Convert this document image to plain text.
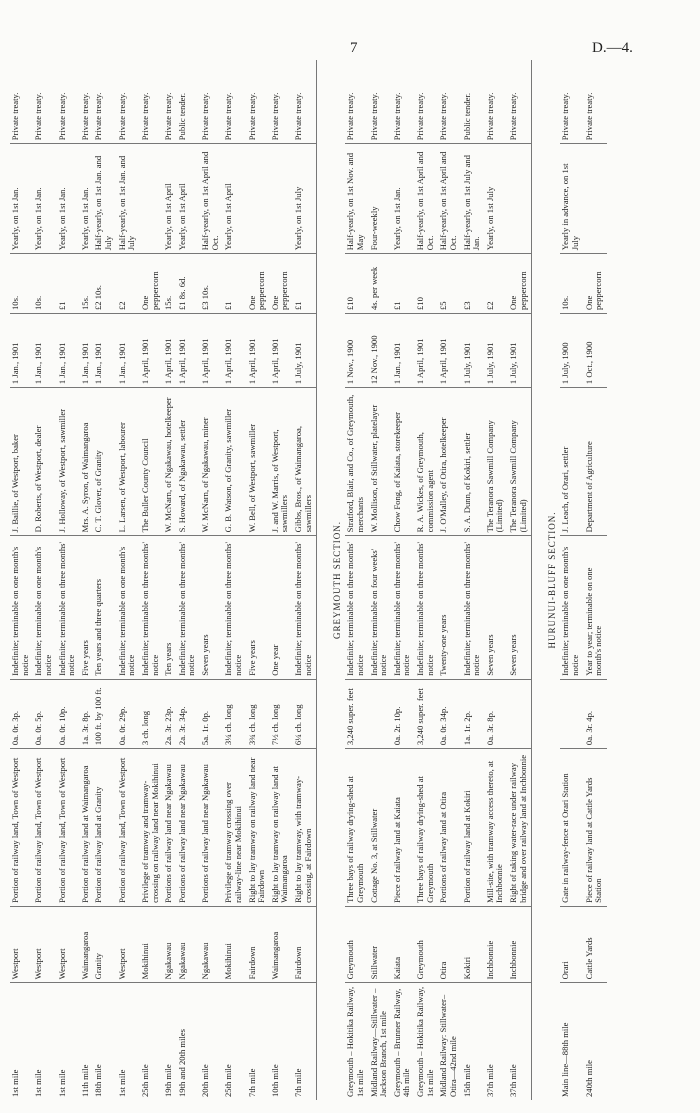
7	D.—4.
1st mile	Westport	Portion of railway land, Town of Westport	0a. 0r. 3p.	Indefinite; terminable on one month's notice	J. Baillie, of Westport, baker	1 Jan., 1901	10s.	Yearly, on 1st Jan.	Private treaty.
1st mile	Westport	Portion of railway land, Town of Westport	0a. 0r. 5p.	Indefinite; terminable on one month's notice	D. Roberts, of Westport, dealer	1 Jan., 1901	10s.	Yearly, on 1st Jan.	Private treaty.
1st mile	Westport	Portion of railway land, Town of Westport	0a. 0r. 10p.	Indefinite; terminable on three months' notice	J. Holloway, of Westport, sawmiller	1 Jan., 1901	£1	Yearly, on 1st Jan.	Private treaty.
11th mile	Waimangaroa	Portion of railway land at Waimangaroa	1a. 3r. 8p.	Five years	Mrs. A. Syron, of Waimangaroa	1 Jan., 1901	15s.	Yearly, on 1st Jan.	Private treaty.
18th mile	Granity	Portion of railway land at Granity	100 ft. by 100 ft.	Ten years and three quarters	C. T. Glover, of Granity	1 Jan., 1901	£2 10s.	Half-yearly, on 1st Jan. and July	Private treaty.
1st mile	Westport	Portion of railway land, Town of Westport	0a. 0r. 29p.	Indefinite; terminable on one month's notice	L. Larsen, of Westport, labourer	1 Jan., 1901	£2	Half-yearly, on 1st Jan. and July	Private treaty.
25th mile	Mokihinui	Privilege of tramway and tramway-crossing on railway land near Mokihinui	3 ch. long	Indefinite; terminable on three months' notice	The Buller County Council	1 April, 1901	One peppercorn		Private treaty.
19th mile	Ngakawau	Portions of railway land near Ngakawau	2a. 3r. 23p.	Ten years	W. McNarn, of Ngakawau, hotelkeeper	1 April, 1901	15s.	Yearly, on 1st April	Private treaty.
19th and 20th miles	Ngakawau	Portions of railway land near Ngakawau	2a. 3r. 34p.	Indefinite; terminable on three months' notice	S. Howard, of Ngakawau, settler	1 April, 1901	£1 8s. 6d.	Yearly, on 1st April	Public tender.
20th mile	Ngakawau	Portions of railway land near Ngakawau	5a. 1r. 0p.	Seven years	W. McNarn, of Ngakawau, miner	1 April, 1901	£3 10s.	Half-yearly, on 1st April and Oct.	Private treaty.
25th mile	Mokihinui	Privilege of tramway crossing over railway-line near Mokihinui	3¼ ch. long	Indefinite; terminable on three months' notice	G. B. Watson, of Granity, sawmiller	1 April, 1901	£1	Yearly, on 1st April	Private treaty.
7th mile	Fairdown	Right to lay tramway on railway land near Fairdown	3¾ ch. long	Five years	W. Bell, of Westport, sawmiller	1 April, 1901	One peppercorn		Private treaty.
10th mile	Waimangaroa	Right to lay tramway on railway land at Waimangaroa	7½ ch. long	One year	J. and W. Marris, of Westport, sawmillers	1 April, 1901	One peppercorn		Private treaty.
7th mile	Fairdown	Right to lay tramway, with tramway-crossing, at Fairdown	6¼ ch. long	Indefinite; terminable on three months' notice	Gibbs, Bros., of Waimangaroa, sawmillers	1 July, 1901	£1	Yearly, on 1st July	Private treaty.

GREYMOUTH SECTION.									
Greymouth – Hokitika Railway, 1st mile	Greymouth	Three bays of railway drying-shed at Greymouth	3,240 super. feet	Indefinite; terminable on three months' notice	Stratford, Blair, and Co., of Greymouth, merchants	1 Nov., 1900	£10	Half-yearly, on 1st Nov. and May	Private treaty.
Midland Railway—Stillwater – Jackson Branch, 1st mile	Stillwater	Cottage No. 3, at Stillwater		Indefinite; terminable on four weeks' notice	W. Mollison, of Stillwater, platelayer	12 Nov., 1900	4s. per week	Four-weekly	Private treaty.
Greymouth – Brunner Railway, 4th mile	Kaiata	Piece of railway land at Kaiata	0a. 2r. 10p.	Indefinite; terminable on three months' notice	Chow Fong, of Kaiata, storekeeper	1 Jan., 1901	£1	Yearly, on 1st Jan.	Private treaty.
Greymouth – Hokitika Railway, 1st mile	Greymouth	Three bays of railway drying-shed at Greymouth	3,240 super. feet	Indefinite; terminable on three months' notice	R. A. Wickes, of Greymouth, commission agent	1 April, 1901	£10	Half-yearly, on 1st April and Oct.	Private treaty.
Midland Railway: Stillwater–Otira—42nd mile	Otira	Portions of railway land at Otira	0a. 0r. 34p.	Twenty-one years	J. O'Malley, of Otira, hotelkeeper	1 April, 1901	£5	Half-yearly, on 1st April and Oct.	Private treaty.
15th mile	Kokiri	Portion of railway land at Kokiri	1a. 1r. 2p.	Indefinite; terminable on three months' notice	S. A. Dunn, of Kokiri, settler	1 July, 1901	£3	Half-yearly, on 1st July and Jan.	Public tender.
37th mile	Inchbonnie	Mill-site, with tramway access thereto, at Inchbonnie	0a. 3r. 8p.	Seven years	The Teranora Sawmill Company (Limited)	1 July, 1901	£2	Yearly, on 1st July	Private treaty.
37th mile	Inchbonnie	Right of taking water-race under railway bridge and over railway land at Inchbonnie		Seven years	The Teranora Sawmill Company (Limited)	1 July, 1901	One peppercorn		Private treaty.

HURUNUI-BLUFF SECTION.									
Main line—88th mile	Orari	Gate in railway-fence at Orari Station		Indefinite; terminable on one month's notice	J. Leach, of Orari, settler	1 July, 1900	10s.	Yearly in advance, on 1st July	Private treaty.
240th mile	Cattle Yards	Piece of railway land at Cattle Yards Station	0a. 3r. 4p.	Year to year; terminable on one month's notice	Department of Agriculture	1 Oct., 1900	One peppercorn		Private treaty.
